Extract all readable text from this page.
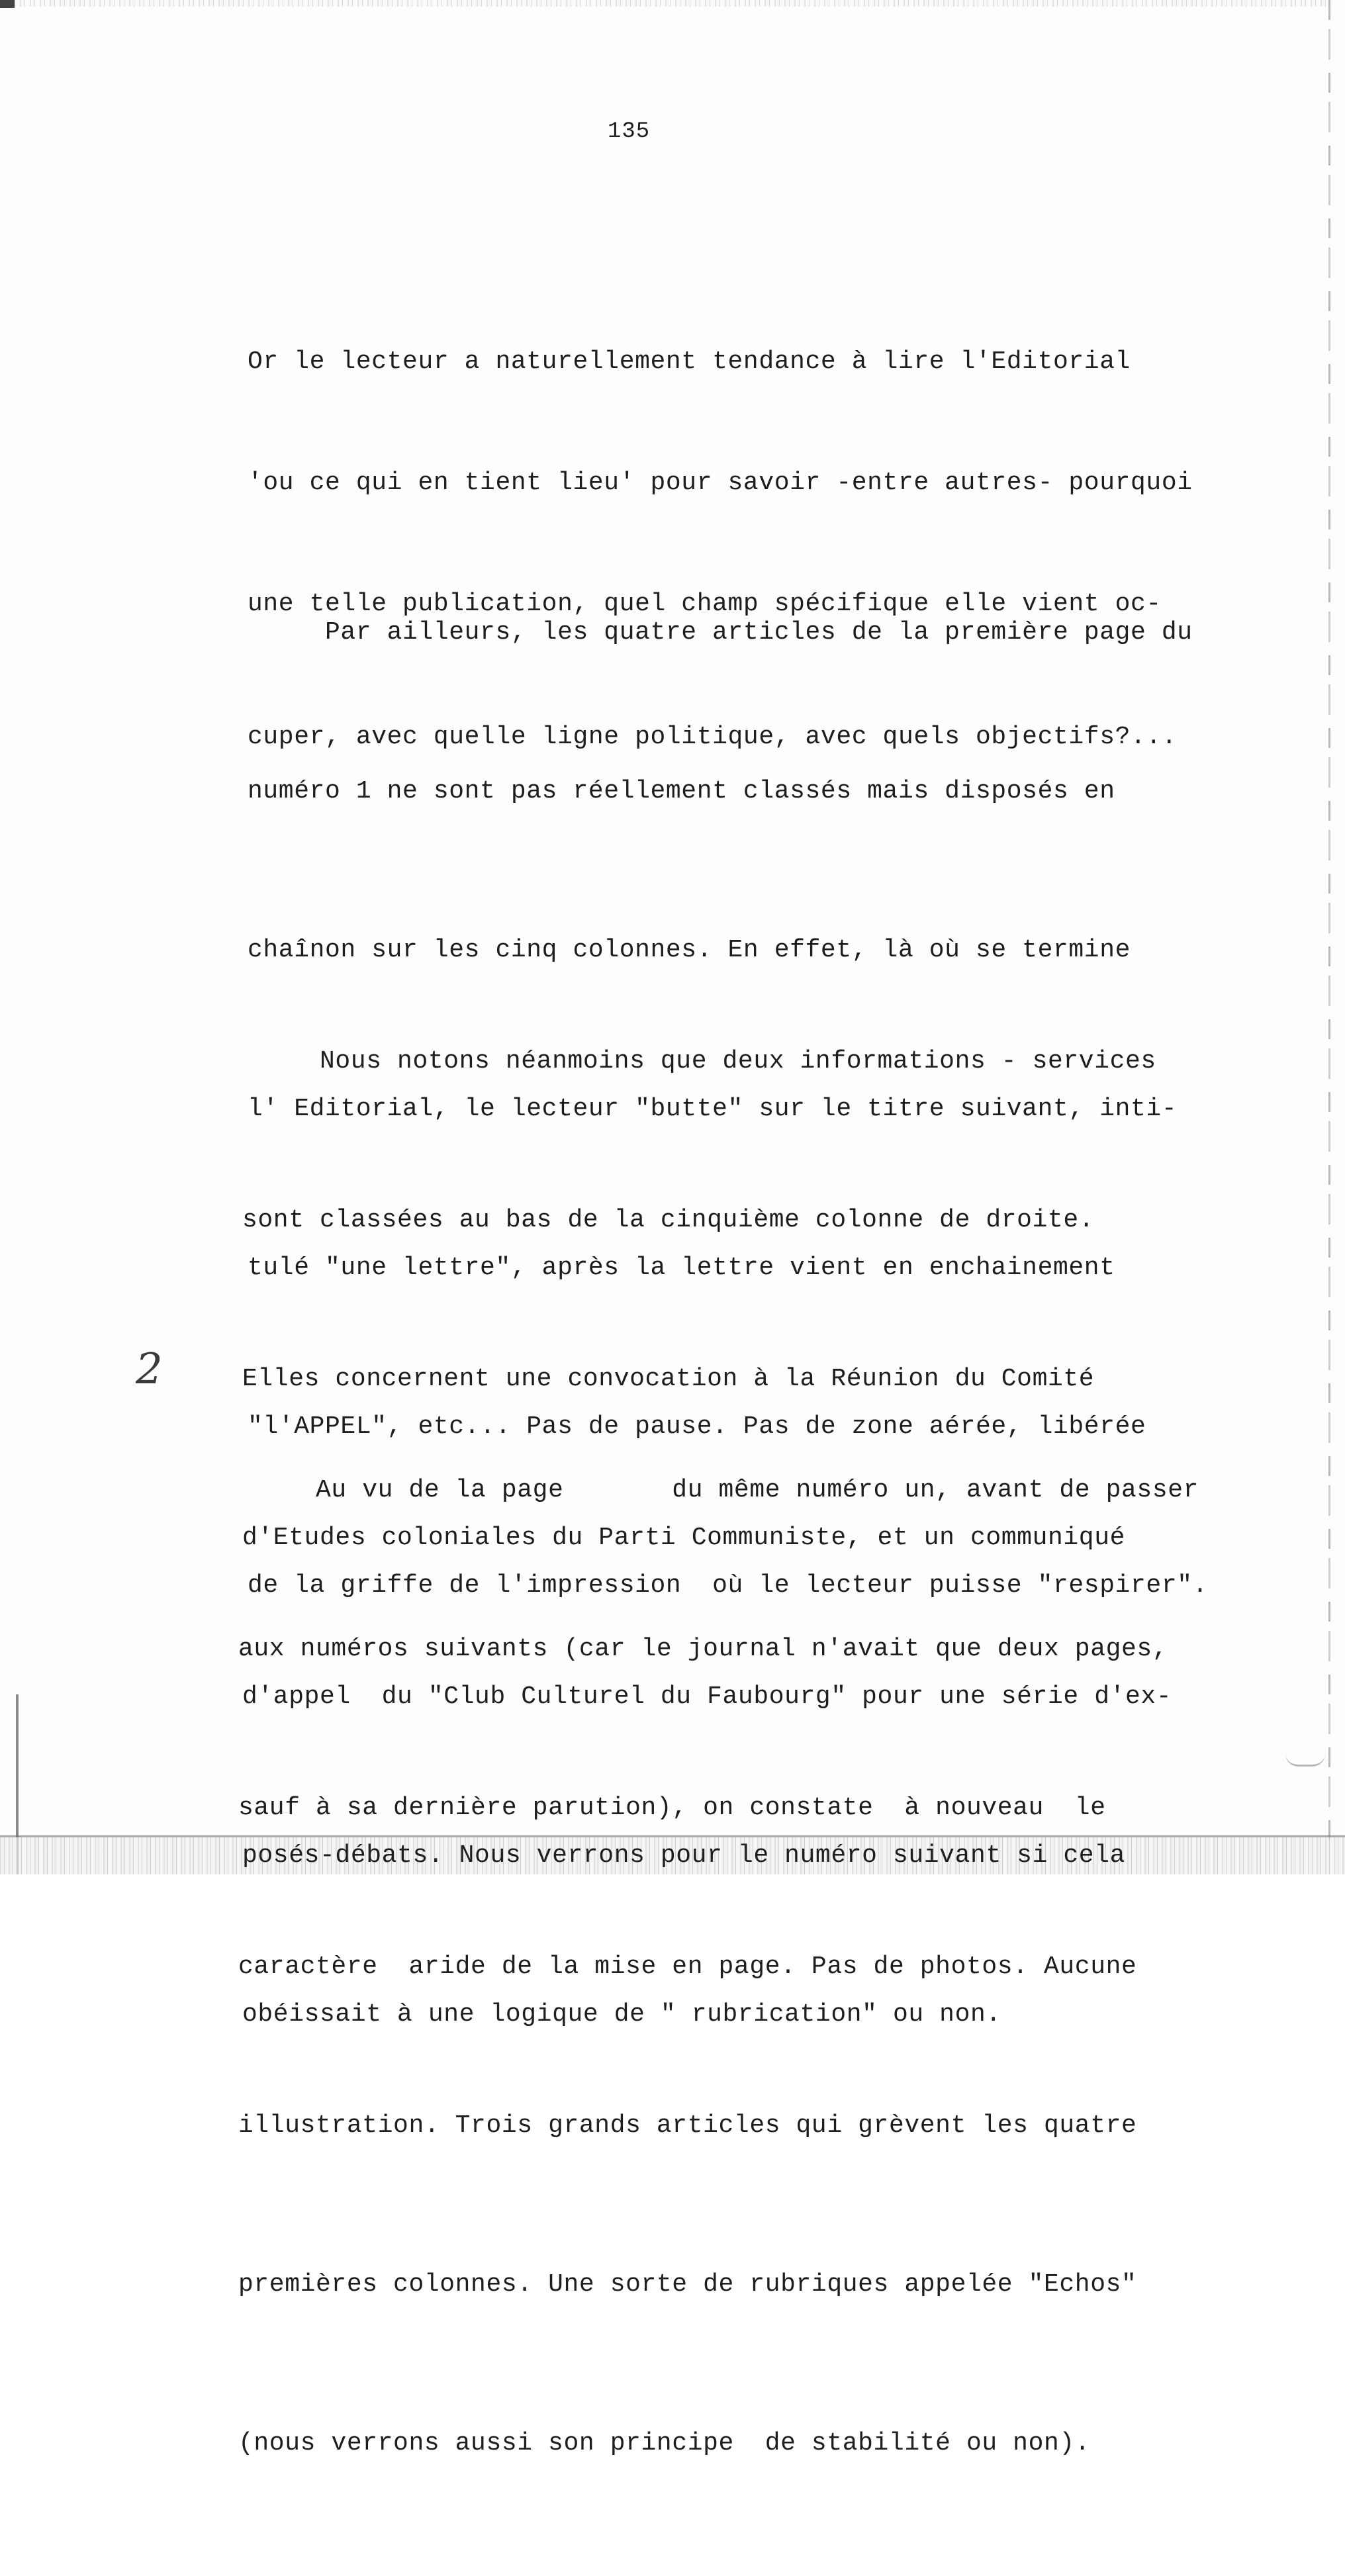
135
2

Or le lecteur a naturellement tendance à lire l'Editorial

'ou ce qui en tient lieu' pour savoir -entre autres- pourquoi

une telle publication, quel champ spécifique elle vient oc-

cuper, avec quelle ligne politique, avec quels objectifs?...

Par ailleurs, les quatre articles de la première page du

numéro 1 ne sont pas réellement classés mais disposés en

chaînon sur les cinq colonnes. En effet, là où se termine

l' Editorial, le lecteur "butte" sur le titre suivant, inti-

tulé "une lettre", après la lettre vient en enchainement

"l'APPEL", etc... Pas de pause. Pas de zone aérée, libérée

de la griffe de l'impression  où le lecteur puisse "respirer".

Nous notons néanmoins que deux informations - services

sont classées au bas de la cinquième colonne de droite.

Elles concernent une convocation à la Réunion du Comité

d'Etudes coloniales du Parti Communiste, et un communiqué

d'appel  du "Club Culturel du Faubourg" pour une série d'ex-

posés-débats. Nous verrons pour le numéro suivant si cela

obéissait à une logique de " rubrication" ou non.

Au vu de la page       du même numéro un, avant de passer

aux numéros suivants (car le journal n'avait que deux pages,

sauf à sa dernière parution), on constate  à nouveau  le

caractère  aride de la mise en page. Pas de photos. Aucune

illustration. Trois grands articles qui grèvent les quatre

premières colonnes. Une sorte de rubriques appelée "Echos"

(nous verrons aussi son principe  de stabilité ou non).
